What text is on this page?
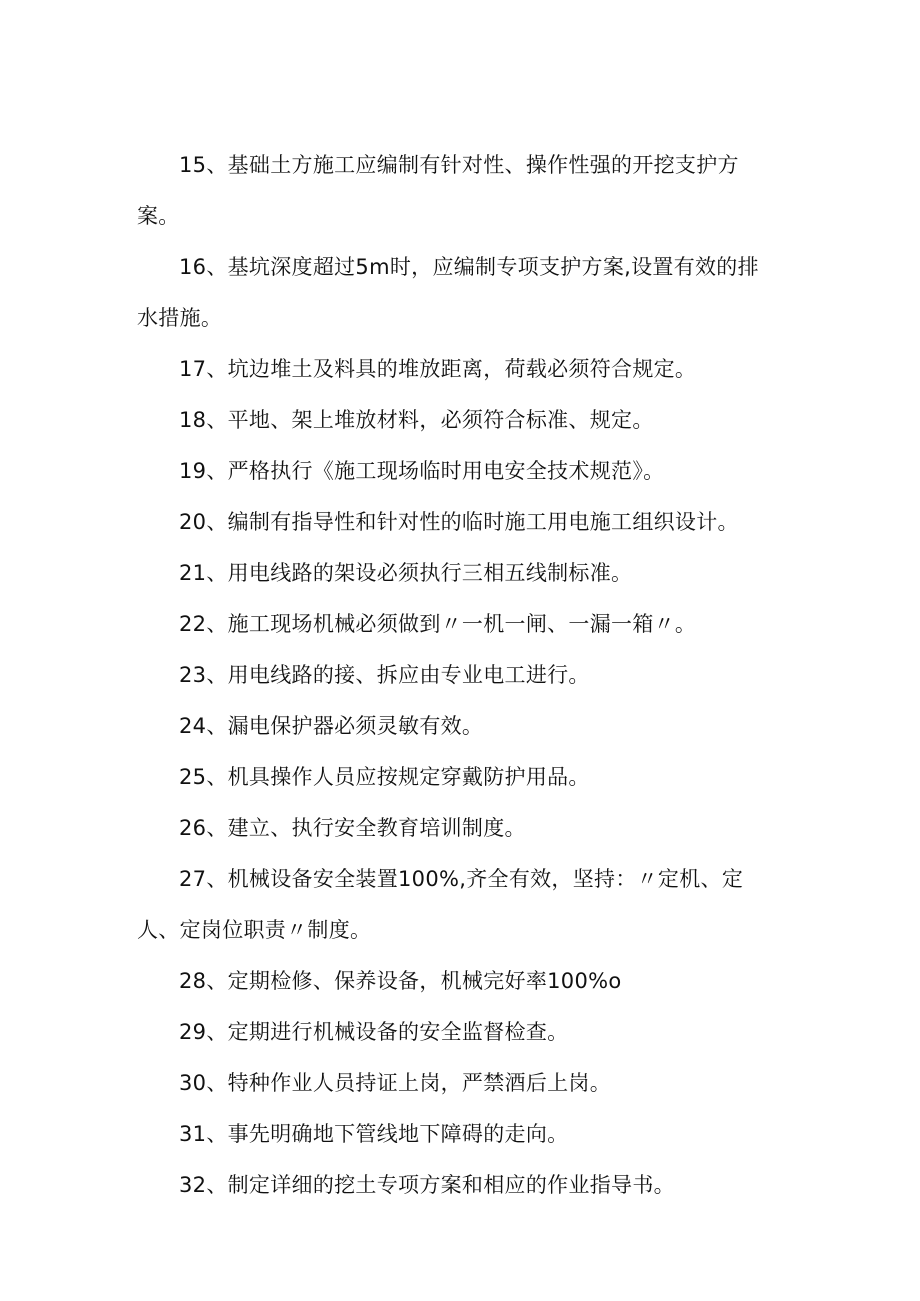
15、基础土方施工应编制有针对性、操作性强的开挖支护方案。

16、基坑深度超过5m时，应编制专项支护方案,设置有效的排水措施。

17、坑边堆土及料具的堆放距离，荷载必须符合规定。

18、平地、架上堆放材料，必须符合标准、规定。

19、严格执行《施工现场临时用电安全技术规范》。

20、编制有指导性和针对性的临时施工用电施工组织设计。

21、用电线路的架设必须执行三相五线制标准。

22、施工现场机械必须做到〃一机一闸、一漏一箱〃。

23、用电线路的接、拆应由专业电工进行。

24、漏电保护器必须灵敏有效。

25、机具操作人员应按规定穿戴防护用品。

26、建立、执行安全教育培训制度。

27、机械设备安全装置100%,齐全有效，坚持：〃定机、定人、定岗位职责〃制度。

28、定期检修、保养设备，机械完好率100%o

29、定期进行机械设备的安全监督检查。

30、特种作业人员持证上岗，严禁酒后上岗。

31、事先明确地下管线地下障碍的走向。

32、制定详细的挖土专项方案和相应的作业指导书。
